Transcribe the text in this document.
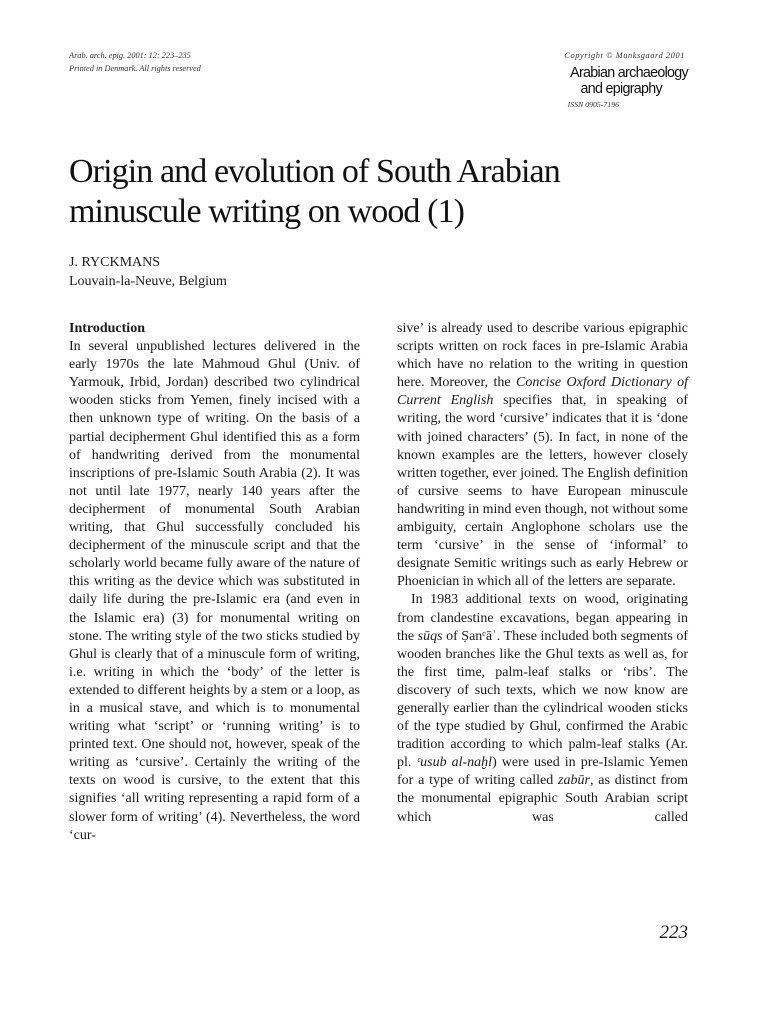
Arab. arch. epig. 2001: 12: 223–235
Printed in Denmark. All rights reserved
Copyright © Munksgaard 2001
Arabian archaeology
and epigraphy
ISSN 0905-7196
Origin and evolution of South Arabian
minuscule writing on wood (1)
J. RYCKMANS
Louvain-la-Neuve, Belgium
Introduction

In several unpublished lectures delivered in the early 1970s the late Mahmoud Ghul (Univ. of Yarmouk, Irbid, Jordan) described two cylindrical wooden sticks from Yemen, finely incised with a then unknown type of writing. On the basis of a partial decipherment Ghul identified this as a form of handwriting derived from the monumental inscriptions of pre-Islamic South Arabia (2). It was not until late 1977, nearly 140 years after the decipherment of monumental South Arabian writing, that Ghul successfully concluded his decipherment of the minuscule script and that the scholarly world became fully aware of the nature of this writing as the device which was substituted in daily life during the pre-Islamic era (and even in the Islamic era) (3) for monumental writing on stone. The writing style of the two sticks studied by Ghul is clearly that of a minuscule form of writing, i.e. writing in which the ‘body’ of the letter is extended to different heights by a stem or a loop, as in a musical stave, and which is to monumental writing what ‘script’ or ‘running writing’ is to printed text. One should not, however, speak of the writing as ‘cursive’. Certainly the writing of the texts on wood is cursive, to the extent that this signifies ‘all writing representing a rapid form of a slower form of writing’ (4). Nevertheless, the word ‘cur-

sive’ is already used to describe various epigraphic scripts written on rock faces in pre-Islamic Arabia which have no relation to the writing in question here. Moreover, the Concise Oxford Dictionary of Current English specifies that, in speaking of writing, the word ‘cursive’ indicates that it is ‘done with joined characters’ (5). In fact, in none of the known examples are the letters, however closely written together, ever joined. The English definition of cursive seems to have European minuscule handwriting in mind even though, not without some ambiguity, certain Anglophone scholars use the term ‘cursive’ in the sense of ‘informal’ to designate Semitic writings such as early Hebrew or Phoenician in which all of the letters are separate.

In 1983 additional texts on wood, originating from clandestine excavations, began appearing in the sūqs of Ṣanᶜāʾ. These included both segments of wooden branches like the Ghul texts as well as, for the first time, palm-leaf stalks or ‘ribs’. The discovery of such texts, which we now know are generally earlier than the cylindrical wooden sticks of the type studied by Ghul, confirmed the Arabic tradition according to which palm-leaf stalks (Ar. pl. ᶜusub al-naḫl) were used in pre-Islamic Yemen for a type of writing called zabūr, as distinct from the monumental epigraphic South Arabian script which was called

223
